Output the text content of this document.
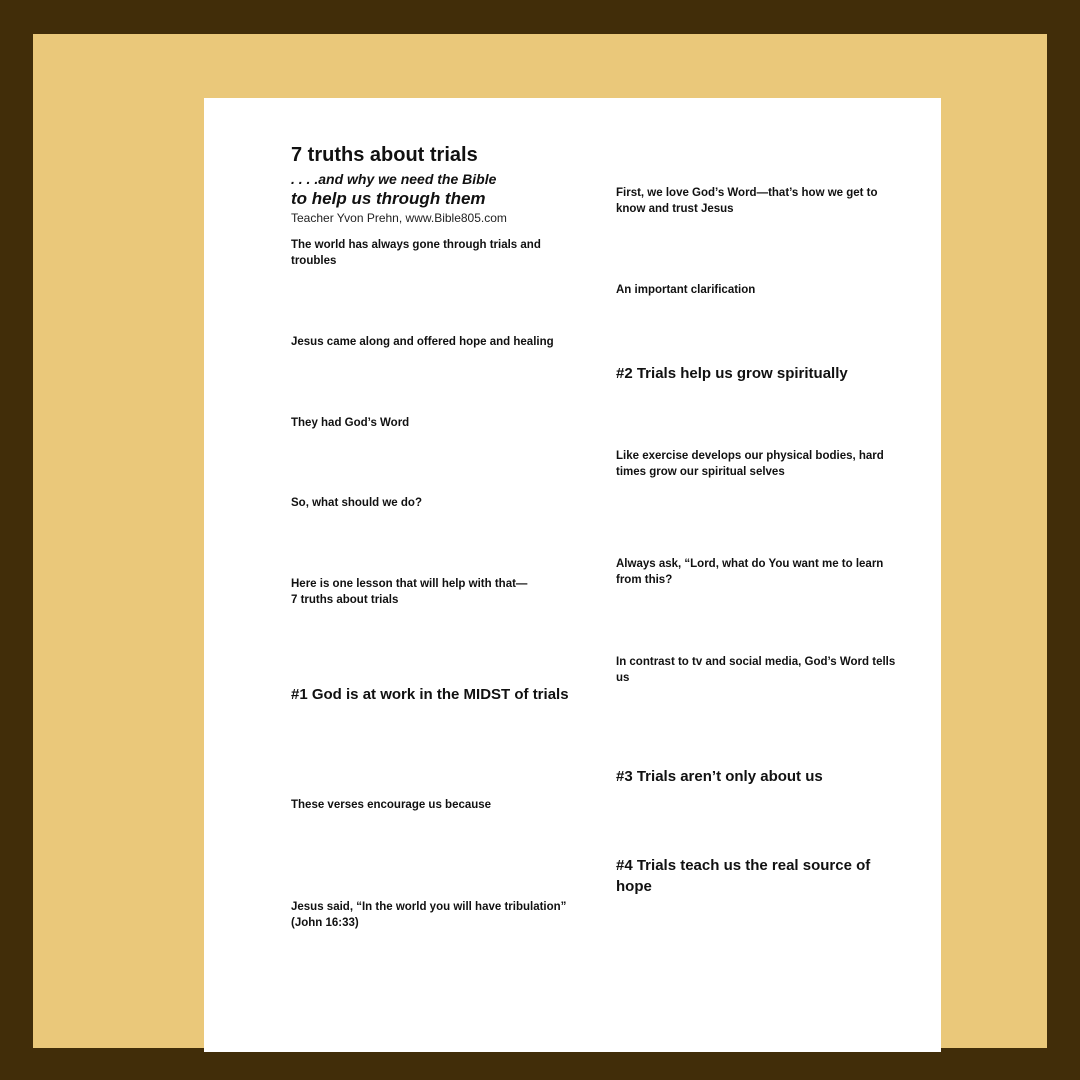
7 truths about trials
. . . .and why we need the Bible
to help us through them
Teacher Yvon Prehn, www.Bible805.com
The world has always gone through trials and troubles
Jesus came along and offered hope and healing
They had God’s Word
So, what should we do?
Here is one lesson that will help with that—
7 truths about trials
#1 God is at work in the MIDST of trials
These verses encourage us because
Jesus said, “In the world you will have tribulation” (John 16:33)
First, we love God’s Word—that’s how we get to know and trust Jesus
An important clarification
#2 Trials help us grow spiritually
Like exercise develops our physical bodies, hard times grow our spiritual selves
Always ask, “Lord, what do You want me to learn from this?
In contrast to tv and social media, God’s Word tells us
#3 Trials aren’t only about us
#4 Trials teach us the real source of hope
